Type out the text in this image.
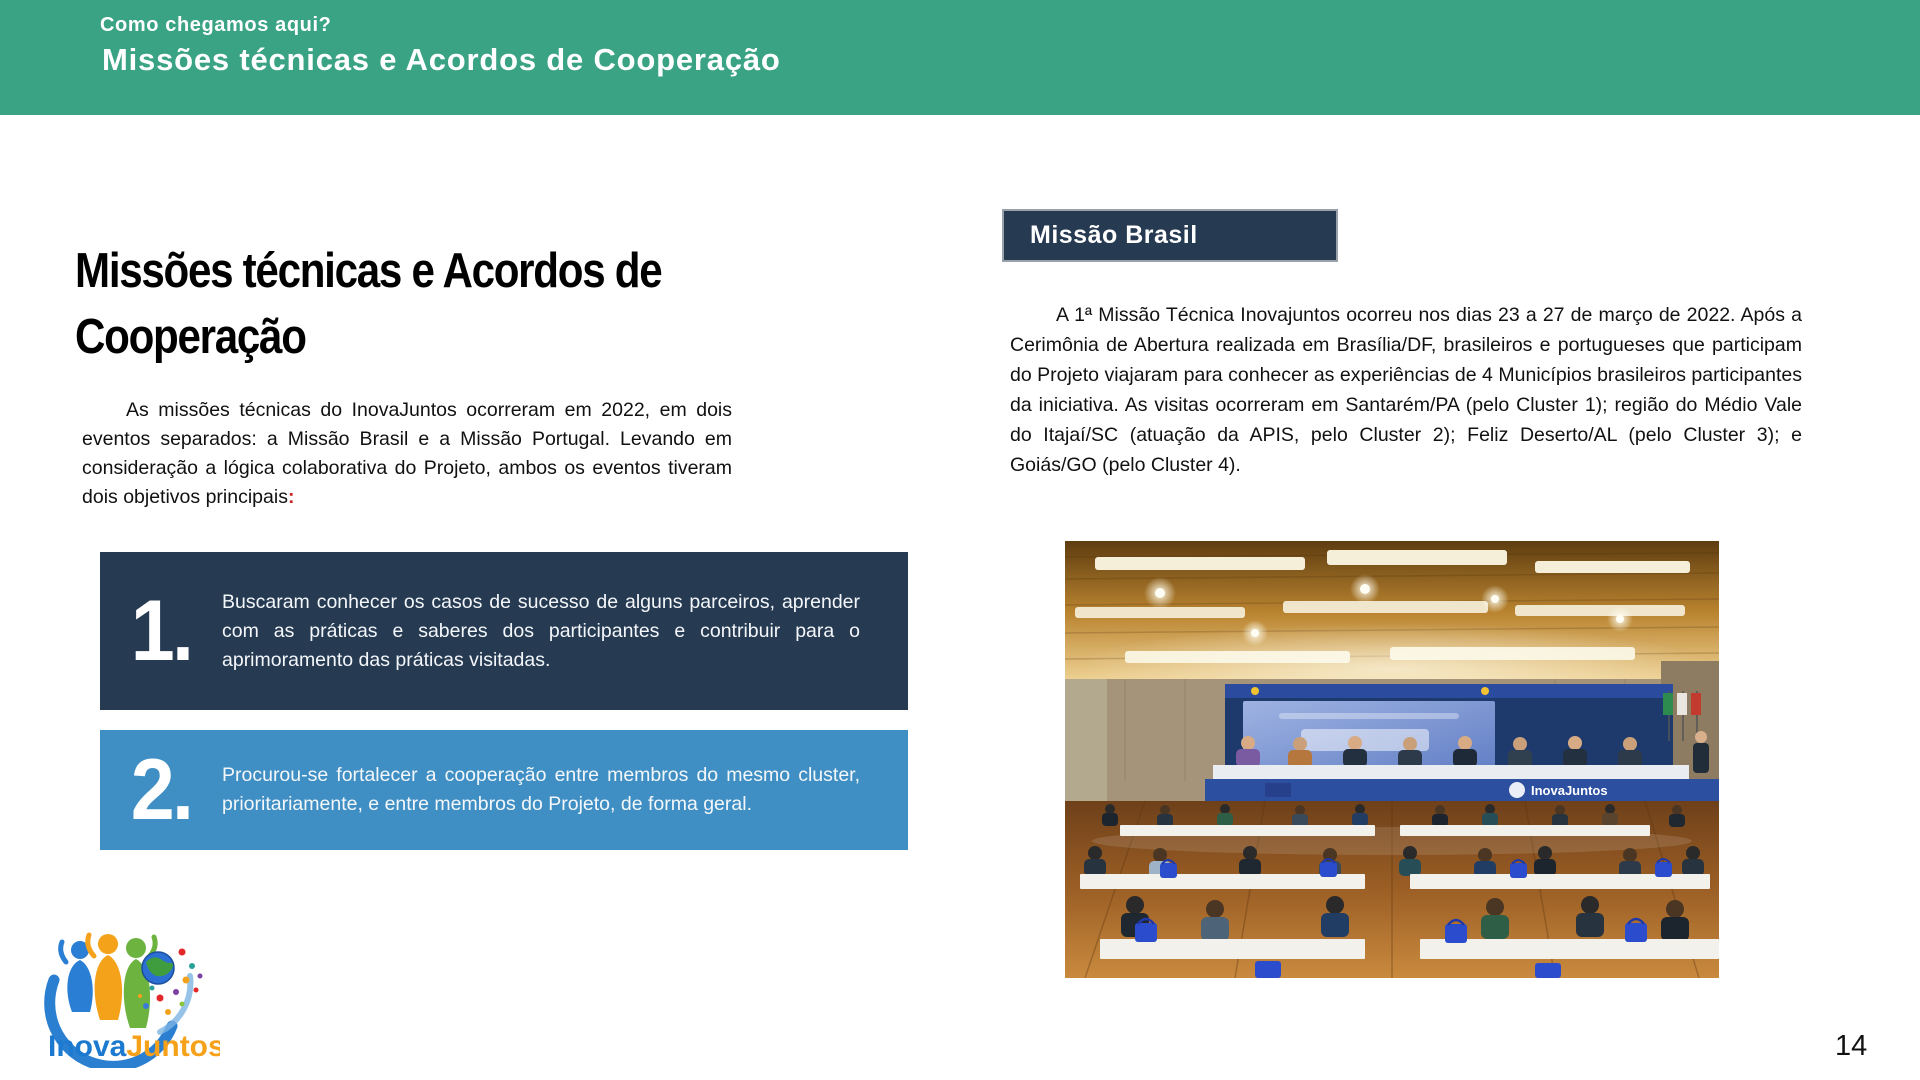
Como chegamos aqui?
Missões técnicas e Acordos de Cooperação
Missões técnicas e Acordos de
Cooperação

As missões técnicas do InovaJuntos ocorreram em 2022, em dois eventos separados: a Missão Brasil e a Missão Portugal. Levando em consideração a lógica colaborativa do Projeto, ambos os eventos tiveram dois objetivos principais:

1.	Buscaram conhecer os casos de sucesso de alguns parceiros, aprender com as práticas e saberes dos participantes e contribuir para o aprimoramento das práticas visitadas.
2.	Procurou-se fortalecer a cooperação entre membros do mesmo cluster, prioritariamente, e entre membros do Projeto, de forma geral.
Missão Brasil

A 1ª Missão Técnica Inovajuntos ocorreu nos dias 23 a 27 de março de 2022. Após a Cerimônia de Abertura realizada em Brasília/DF, brasileiros e portugueses que participam do Projeto viajaram para conhecer as experiências de 4 Municípios brasileiros participantes da iniciativa. As visitas ocorreram em Santarém/PA (pelo Cluster 1); região do Médio Vale do Itajaí/SC (atuação da APIS, pelo Cluster 2); Feliz Deserto/AL (pelo Cluster 3); e Goiás/GO (pelo Cluster 4).

InovaJuntos
InovaJuntos	14
